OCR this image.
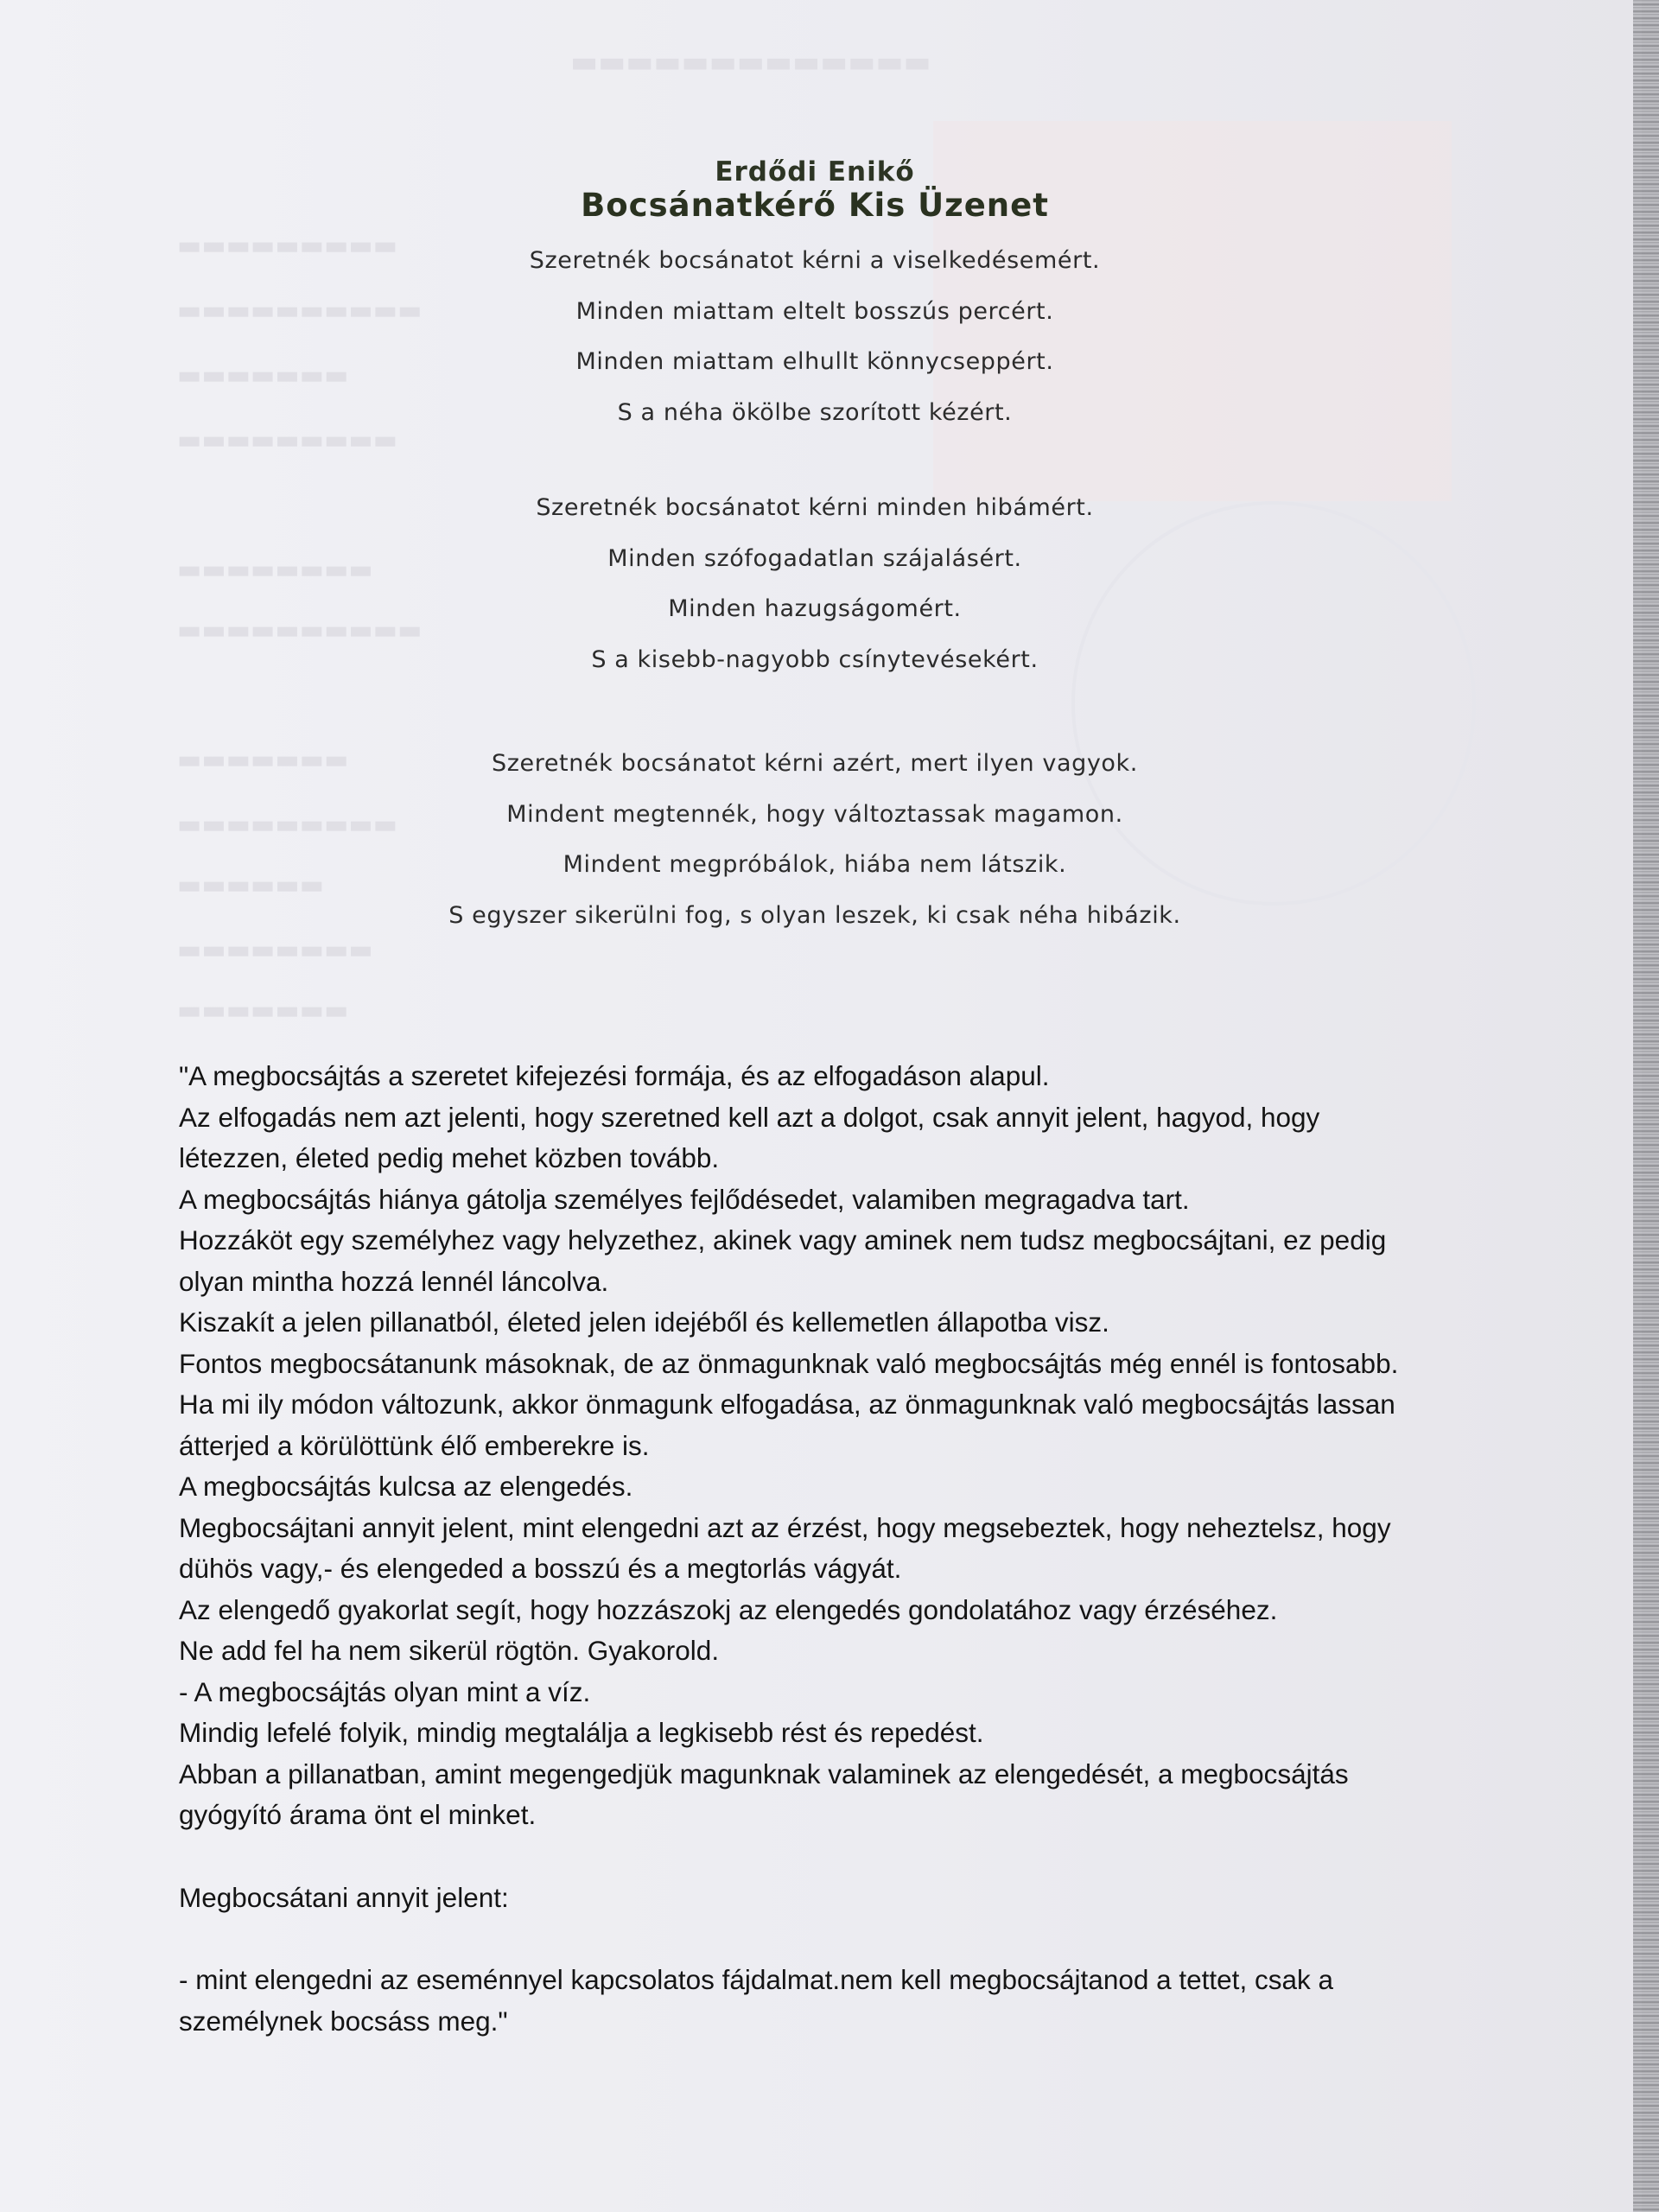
▬▬▬▬▬▬▬▬▬▬▬▬▬
▬▬▬▬▬▬▬▬▬
▬▬▬▬▬▬▬▬▬▬
▬▬▬▬▬▬▬
▬▬▬▬▬▬▬▬▬
▬▬▬▬▬▬▬▬
▬▬▬▬▬▬▬▬▬▬
▬▬▬▬▬▬▬
▬▬▬▬▬▬▬▬▬
▬▬▬▬▬▬
▬▬▬▬▬▬▬▬
▬▬▬▬▬▬▬
Erdődi Enikő
Bocsánatkérő Kis Üzenet
Szeretnék bocsánatot kérni a viselkedésemért.
Minden miattam eltelt bosszús percért.
Minden miattam elhullt könnycseppért.
S a néha ökölbe szorított kézért.
Szeretnék bocsánatot kérni minden hibámért.
Minden szófogadatlan szájalásért.
Minden hazugságomért.
S a kisebb-nagyobb csínytevésekért.
Szeretnék bocsánatot kérni azért, mert ilyen vagyok.
Mindent megtennék, hogy változtassak magamon.
Mindent megpróbálok, hiába nem látszik.
S egyszer sikerülni fog, s olyan leszek, ki csak néha hibázik.
"A megbocsájtás a szeretet kifejezési formája, és az elfogadáson alapul.
Az elfogadás nem azt jelenti, hogy szeretned kell azt a dolgot, csak annyit jelent, hagyod, hogy
létezzen, életed pedig mehet közben tovább.
A megbocsájtás hiánya gátolja személyes fejlődésedet, valamiben megragadva tart.
Hozzáköt egy személyhez vagy helyzethez, akinek vagy aminek nem tudsz megbocsájtani, ez pedig
olyan mintha hozzá lennél láncolva.
Kiszakít a jelen pillanatból, életed jelen idejéből és kellemetlen állapotba visz.
Fontos megbocsátanunk másoknak, de az önmagunknak való megbocsájtás még ennél is fontosabb.
Ha mi ily módon változunk, akkor önmagunk elfogadása, az önmagunknak való megbocsájtás lassan
átterjed a körülöttünk élő emberekre is.
A megbocsájtás kulcsa az elengedés.
Megbocsájtani annyit jelent, mint elengedni azt az érzést, hogy megsebeztek, hogy neheztelsz, hogy
dühös vagy,- és elengeded a bosszú és a megtorlás vágyát.
Az elengedő gyakorlat segít, hogy hozzászokj az elengedés gondolatához vagy érzéséhez.
Ne add fel ha nem sikerül rögtön. Gyakorold.
- A megbocsájtás olyan mint a víz.
Mindig lefelé folyik, mindig megtalálja a legkisebb rést és repedést.
Abban a pillanatban, amint megengedjük magunknak valaminek az elengedését, a megbocsájtás
gyógyító árama önt el minket.
Megbocsátani annyit jelent:
- mint elengedni az eseménnyel kapcsolatos fájdalmat.nem kell megbocsájtanod a tettet, csak a
személynek bocsáss meg."
